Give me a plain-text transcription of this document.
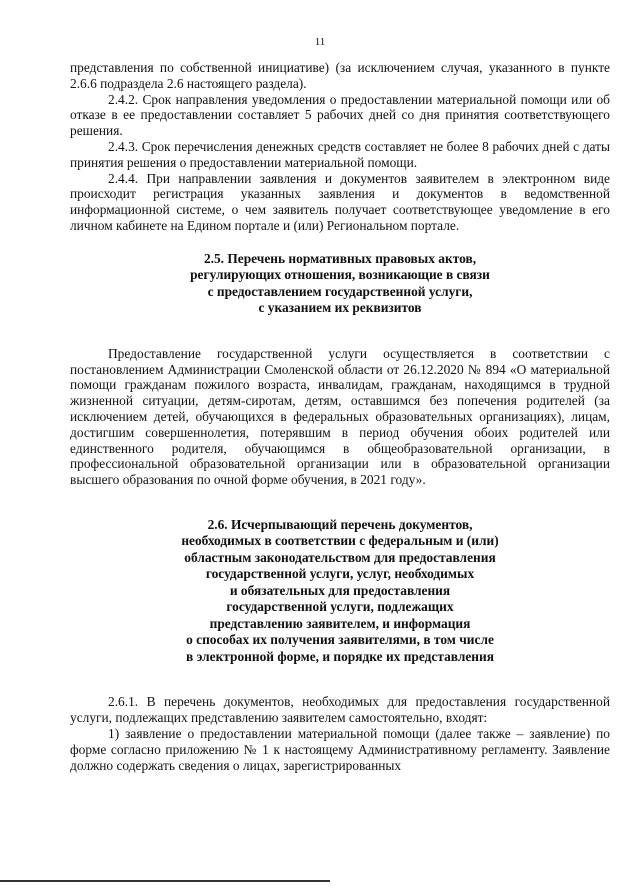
11

представления по собственной инициативе) (за исключением случая, указанного в пункте 2.6.6 подраздела 2.6 настоящего раздела).

2.4.2. Срок направления уведомления о предоставлении материальной помощи или об отказе в ее предоставлении составляет 5 рабочих дней со дня принятия соответствующего решения.

2.4.3. Срок перечисления денежных средств составляет не более 8 рабочих дней с даты принятия решения о предоставлении материальной помощи.

2.4.4. При направлении заявления и документов заявителем в электронном виде происходит регистрация указанных заявления и документов в ведомственной информационной системе, о чем заявитель получает соответствующее уведомление в его личном кабинете на Едином портале и (или) Региональном портале.

2.5. Перечень нормативных правовых актов,
регулирующих отношения, возникающие в связи
с предоставлением государственной услуги,
с указанием их реквизитов

Предоставление государственной услуги осуществляется в соответствии с постановлением Администрации Смоленской области от 26.12.2020 № 894 «О материальной помощи гражданам пожилого возраста, инвалидам, гражданам, находящимся в трудной жизненной ситуации, детям-сиротам, детям, оставшимся без попечения родителей (за исключением детей, обучающихся в федеральных образовательных организациях), лицам, достигшим совершеннолетия, потерявшим в период обучения обоих родителей или единственного родителя, обучающимся в общеобразовательной организации, в профессиональной образовательной организации или в образовательной организации высшего образования по очной форме обучения, в 2021 году».

2.6. Исчерпывающий перечень документов,
необходимых в соответствии с федеральным и (или)
областным законодательством для предоставления
государственной услуги, услуг, необходимых
и обязательных для предоставления
государственной услуги, подлежащих
представлению заявителем, и информация
о способах их получения заявителями, в том числе
в электронной форме, и порядке их представления

2.6.1. В перечень документов, необходимых для предоставления государственной услуги, подлежащих представлению заявителем самостоятельно, входят:

1) заявление о предоставлении материальной помощи (далее также – заявление) по форме согласно приложению № 1 к настоящему Административному регламенту. Заявление должно содержать сведения о лицах, зарегистрированных
